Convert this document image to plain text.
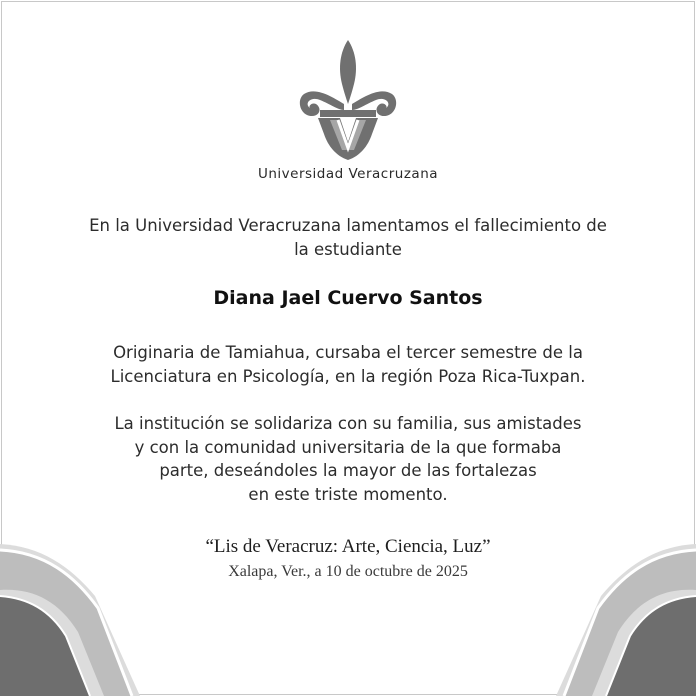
Universidad Veracruzana
En la Universidad Veracruzana lamentamos el fallecimiento de
la estudiante
Diana Jael Cuervo Santos
Originaria de Tamiahua, cursaba el tercer semestre de la
Licenciatura en Psicología, en la región Poza Rica-Tuxpan.
La institución se solidariza con su familia, sus amistades
y con la comunidad universitaria de la que formaba
parte, deseándoles la mayor de las fortalezas
en este triste momento.
“Lis de Veracruz: Arte, Ciencia, Luz”
Xalapa, Ver., a 10 de octubre de 2025
